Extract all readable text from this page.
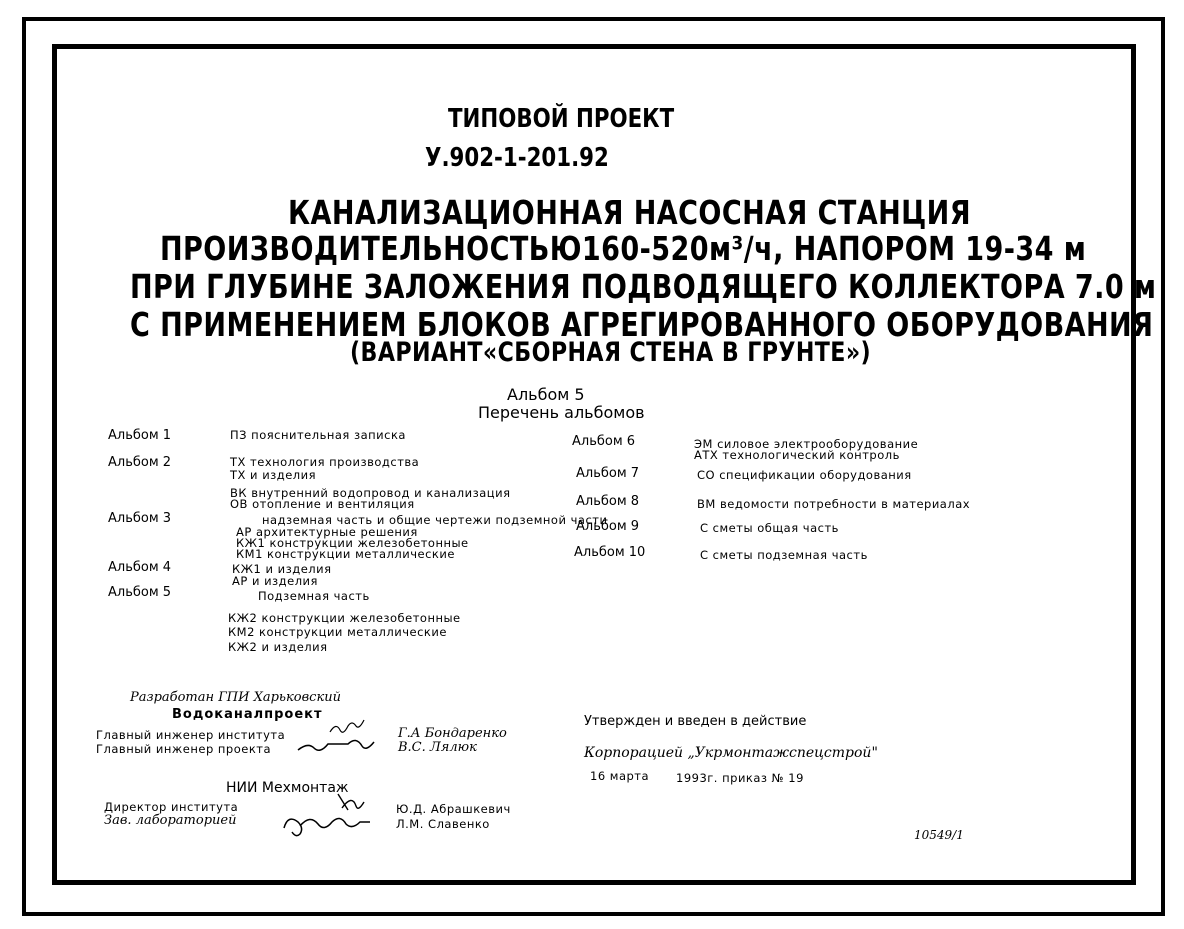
ТИПОВОЙ ПРОЕКТ
У.902-1-201.92
КАНАЛИЗАЦИОННАЯ НАСОСНАЯ СТАНЦИЯ
ПРОИЗВОДИТЕЛЬНОСТЬЮ160-520м³/ч, НАПОРОМ 19-34 м
ПРИ ГЛУБИНЕ ЗАЛОЖЕНИЯ ПОДВОДЯЩЕГО КОЛЛЕКТОРА 7.0 м
С ПРИМЕНЕНИЕМ БЛОКОВ АГРЕГИРОВАННОГО ОБОРУДОВАНИЯ
(ВАРИАНТ«СБОРНАЯ СТЕНА В ГРУНТЕ»)
Альбом 5
Перечень альбомов
Альбом 1	ПЗ пояснительная записка
Альбом 2	ТХ технология производства
ТХ и изделия
ВК внутренний водопровод и канализация
ОВ отопление и вентиляция
Альбом 3	надземная часть и общие чертежи подземной части
АР архитектурные решения
КЖ1 конструкции железобетонные
КМ1 конструкции металлические
Альбом 4	КЖ1 и изделия
АР и изделия
Альбом 5	Подземная часть
КЖ2 конструкции железобетонные
КМ2 конструкции металлические
КЖ2 и изделия
Альбом 6	ЭМ силовое электрооборудование
АТХ технологический контроль
Альбом 7	СО спецификации оборудования
Альбом 8	ВМ ведомости потребности в материалах
Альбом 9	С сметы общая часть
Альбом 10	С сметы подземная часть
Разработан ГПИ Харьковский
Водоканалпроект
Главный инженер института
Главный инженер проекта
Г.А Бондаренко
В.С. Лялюк
НИИ Мехмонтаж
Директор института
Зав. лабораторией
Ю.Д. Абрашкевич
Л.М. Славенко
Утвержден и введен в действие
Корпорацией „Укрмонтажспецстрой"
16 марта 1993г. приказ № 19
10549/1
